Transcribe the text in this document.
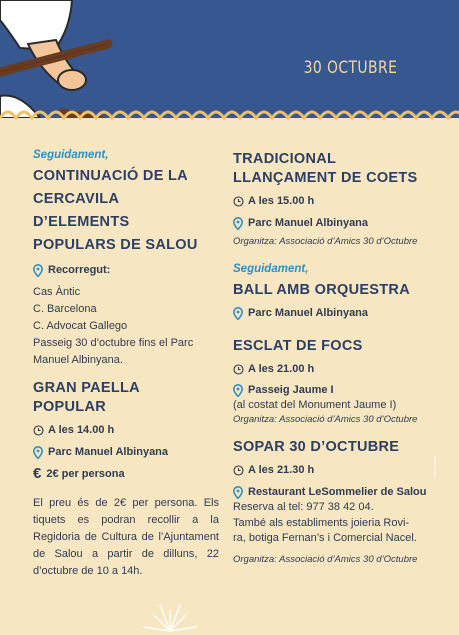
30 OCTUBRE
Seguidament,
CONTINUACIÓ DE LA
CERCAVILA D’ELEMENTS
POPULARS DE SALOU
Recorregut:
Cas Àntic
C. Barcelona
C. Advocat Gallego
Passeig 30 d’octubre fins el Parc
Manuel Albinyana.
GRAN PAELLA
POPULAR
A les 14.00 h
Parc Manuel Albinyana
€ 2€ per persona
El preu és de 2€ per persona. Els tiquets es podran recollir a la Regidoria de Cultura de l’Ajuntament de Salou a partir de dilluns, 22 d’octubre de 10 a 14h.
TRADICIONAL
LLANÇAMENT DE COETS
A les 15.00 h
Parc Manuel Albinyana
Organitza: Associació d’Amics 30 d’Octubre
Seguidament,
BALL AMB ORQUESTRA
Parc Manuel Albinyana
ESCLAT DE FOCS
A les 21.00 h
Passeig Jaume I
(al costat del Monument Jaume I)
Organitza: Associació d’Amics 30 d’Octubre
SOPAR 30 D’OCTUBRE
A les 21.30 h
Restaurant LeSommelier de Salou
Reserva al tel: 977 38 42 04.
També als establiments joieria Rovi-
ra, botiga Fernan’s i Comercial Nacel.
Organitza: Associació d’Amics 30 d’Octubre
